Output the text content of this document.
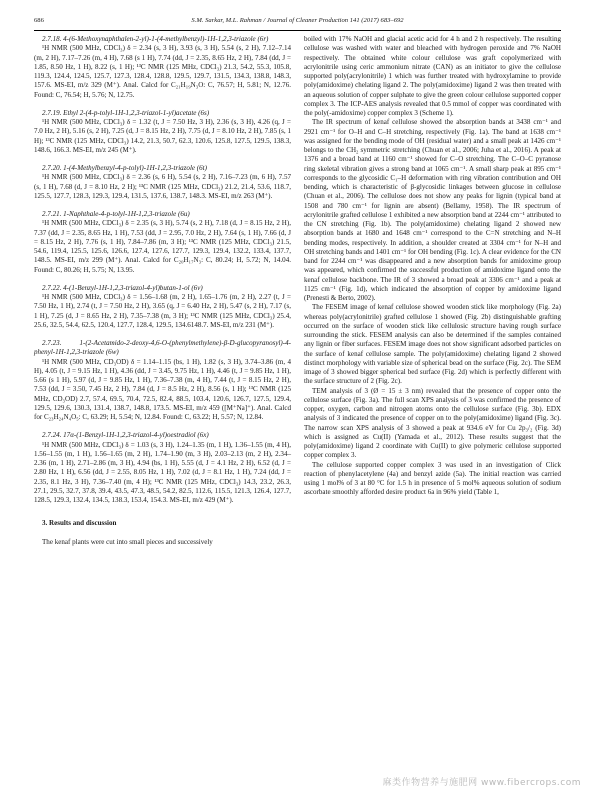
686	S.M. Sarkar, M.L. Rahman / Journal of Cleaner Production 141 (2017) 683–692

2.7.18. 4-(6-Methoxynaphthalen-2-yl)-1-(4-methylbenzyl)-1H-1,2,3-triazole (6r)

¹H NMR (500 MHz, CDCl₃) δ = 2.34 (s, 3 H), 3.93 (s, 3 H), 5.54 (s, 2 H), 7.12–7.14 (m, 2 H), 7.17–7.26 (m, 4 H), 7.68 (s 1 H), 7.74 (dd, J = 2.35, 8.65 Hz, 2 H), 7.84 (dd, J = 1.85, 8.50 Hz, 1 H), 8.22 (s, 1 H); ¹³C NMR (125 MHz, CDCl₃) 21.3, 54.2, 55.3, 105.8, 119.3, 124.4, 124.5, 125.7, 127.3, 128.4, 128.8, 129.5, 129.7, 131.5, 134.3, 138.8, 148.3, 157.6. MS-EI, m/z 329 (M⁺). Anal. Calcd for C₂₁H₁₉N₃O: C, 76.57; H, 5.81; N, 12.76. Found: C, 76.54; H, 5.76; N, 12.75.

2.7.19. Ethyl 2-(4-p-tolyl-1H-1,2,3-triazol-1-yl)acetate (6s)

¹H NMR (500 MHz, CDCl₃) δ = 1.32 (t, J = 7.50 Hz, 3 H), 2.36 (s, 3 H), 4.26 (q, J = 7.0 Hz, 2 H), 5.16 (s, 2 H), 7.25 (d, J = 8.15 Hz, 2 H), 7.75 (d, J = 8.10 Hz, 2 H), 7.85 (s, 1 H); ¹³C NMR (125 MHz, CDCl₃) 14.2, 21.3, 50.7, 62.3, 120.6, 125.8, 127.5, 129.5, 138.3, 148.6, 166.3. MS-EI, m/z 245 (M⁺).

2.7.20. 1-(4-Methylbenzyl-4-p-tolyl)-1H-1,2,3-triazole (6t)

¹H NMR (500 MHz, CDCl₃) δ = 2.36 (s, 6 H), 5.54 (s, 2 H), 7.16–7.23 (m, 6 H), 7.57 (s, 1 H), 7.68 (d, J = 8.10 Hz, 2 H); ¹³C NMR (125 MHz, CDCl₃) 21.2, 21.4, 53.6, 118.7, 125.5, 127.7, 128.3, 129.3, 129.4, 131.5, 137.6, 138.7, 148.3. MS-EI, m/z 263 (M⁺).

2.7.21. 1-Naphthale-4-p-tolyl-1H-1,2,3-triazole (6u)

¹H NMR (500 MHz, CDCl₃) δ = 2.35 (s, 3 H), 5.74 (s, 2 H), 7.18 (d, J = 8.15 Hz, 2 H), 7.37 (dd, J = 2.35, 8.65 Hz, 1 H), 7.53 (dd, J = 2.95, 7.0 Hz, 2 H), 7.64 (s, 1 H), 7.66 (d, J = 8.15 Hz, 2 H), 7.76 (s, 1 H), 7.84–7.86 (m, 3 H); ¹³C NMR (125 MHz, CDCl₃) 21.5, 54.6, 119.4, 125.5, 125.6, 126.6, 127.4, 127.6, 127.7, 129.3, 129.4, 132.2, 133.4, 137.7, 148.5. MS-EI, m/z 299 (M⁺). Anal. Calcd for C₂₀H₁₇N₃: C, 80.24; H, 5.72; N, 14.04. Found: C, 80.26; H, 5.75; N, 13.95.

2.7.22. 4-(1-Benzyl-1H-1,2,3-triazol-4-yl)butan-1-ol (6v)

¹H NMR (500 MHz, CDCl₃) δ = 1.56–1.68 (m, 2 H), 1.65–1.76 (m, 2 H), 2.27 (t, J = 7.50 Hz, 1 H), 2.74 (t, J = 7.50 Hz, 2 H), 3.65 (q, J = 6.40 Hz, 2 H), 5.47 (s, 2 H), 7.17 (s, 1 H), 7.25 (d, J = 8.65 Hz, 2 H), 7.35–7.38 (m, 3 H); ¹³C NMR (125 MHz, CDCl₃) 25.4, 25.6, 32.5, 54.4, 62.5, 120.4, 127.7, 128.4, 129.5, 134.6148.7. MS-EI, m/z 231 (M⁺).

2.7.23. 1-(2-Acetamido-2-deoxy-4,6-O-(phenylmethylene)-β-D-glucopyranosyl)-4-phenyl-1H-1,2,3-triazole (6w)

¹H NMR (500 MHz, CD₃OD) δ = 1.14–1.15 (bs, 1 H), 1.82 (s, 3 H), 3.74–3.86 (m, 4 H), 4.05 (t, J = 9.15 Hz, 1 H), 4.36 (dd, J = 3.45, 9.75 Hz, 1 H), 4.46 (t, J = 9.85 Hz, 1 H), 5.66 (s 1 H), 5.97 (d, J = 9.85 Hz, 1 H), 7.36–7.38 (m, 4 H), 7.44 (t, J = 8.15 Hz, 2 H), 7.53 (dd, J = 3.50, 7.45 Hz, 2 H), 7.84 (d, J = 8.5 Hz, 2 H), 8.56 (s, 1 H); ¹³C NMR (125 MHz, CD₃OD) 2.7, 57.4, 69.5, 70.4, 72.5, 82.4, 88.5, 103.4, 120.6, 126.7, 127.5, 129.4, 129.5, 129.6, 130.3, 131.4, 138.7, 148.8, 173.5. MS-EI, m/z 459 ([M⁺Na]⁺). Anal. Calcd for C₂₃H₂₄N₄O₅: C, 63.29; H, 5.54; N, 12.84. Found: C, 63.22; H, 5.57; N, 12.84.

2.7.24. 17α-(1-Benzyl-1H-1,2,3-triazol-4-yl)oestradiol (6x)

¹H NMR (500 MHz, CDCl₃) δ = 1.03 (s, 3 H), 1.24–1.35 (m, 1 H), 1.36–1.55 (m, 4 H), 1.56–1.55 (m, 1 H), 1.56–1.65 (m, 2 H), 1.74–1.90 (m, 3 H), 2.03–2.13 (m, 2 H), 2.34–2.36 (m, 1 H), 2.71–2.86 (m, 3 H), 4.94 (bs, 1 H), 5.55 (d, J = 4.1 Hz, 2 H), 6.52 (d, J = 2.80 Hz, 1 H), 6.56 (dd, J = 2.55, 8.05 Hz, 1 H), 7.02 (d, J = 8.1 Hz, 1 H), 7.24 (dd, J = 2.35, 8.1 Hz, 3 H), 7.36–7.40 (m, 4 H); ¹³C NMR (125 MHz, CDCl₃) 14.3, 23.2, 26.3, 27.1, 29.5, 32.7, 37.8, 39.4, 43.5, 47.3, 48.5, 54.2, 82.5, 112.6, 115.5, 121.3, 126.4, 127.7, 128.5, 129.3, 132.4, 134.5, 138.3, 153.4, 154.3. MS-EI, m/z 429 (M⁺).

3. Results and discussion

The kenaf plants were cut into small pieces and successively

boiled with 17% NaOH and glacial acetic acid for 4 h and 2 h respectively. The resulting cellulose was washed with water and bleached with hydrogen peroxide and 7% NaOH respectively. The obtained white colour cellulose was graft copolymerized with acrylonitrile using ceric ammonium nitrate (CAN) as an initiator to give the cellulose supported poly(acrylonitrile) 1 which was further treated with hydroxylamine to provide poly(amidoxime) chelating ligand 2. The poly(amidoxime) ligand 2 was then treated with an aqueous solution of copper sulphate to give the green colour cellulose supported copper complex 3. The ICP-AES analysis revealed that 0.5 mmol of copper was coordinated with the poly(-amidoxime) copper complex 3 (Scheme 1).

The IR spectrum of kenaf cellulose showed the absorption bands at 3438 cm⁻¹ and 2921 cm⁻¹ for O–H and C–H stretching, respectively (Fig. 1a). The band at 1638 cm⁻¹ was assigned for the bending mode of OH (residual water) and a small peak at 1426 cm⁻¹ belongs to the CH₂ symmetric stretching (Chuan et al., 2006; Juha et al., 2016). A peak at 1376 and a broad band at 1160 cm⁻¹ showed for C–O stretching. The C–O–C pyranose ring skeletal vibration gives a strong band at 1065 cm⁻¹. A small sharp peak at 895 cm⁻¹ corresponds to the glycosidic C₁–H deformation with ring vibration contribution and OH bending, which is characteristic of β-glycosidic linkages between glucose in cellulose (Chuan et al., 2006). The cellulose does not show any peaks for lignin (typical band at 1508 and 780 cm⁻¹ for lignin are absent) (Bellamy, 1958). The IR spectrum of acrylonitrile grafted cellulose 1 exhibited a new absorption band at 2244 cm⁻¹ attributed to the CN stretching (Fig. 1b). The poly(amidoxime) chelating ligand 2 showed new absorption bands at 1680 and 1648 cm⁻¹ correspond to the C=N stretching and N–H bending modes, respectively. In addition, a shoulder created at 3304 cm⁻¹ for N–H and OH stretching bands and 1401 cm⁻¹ for OH bending (Fig. 1c). A clear evidence for the CN band for 2244 cm⁻¹ was disappeared and a new absorption bands for amidoxime group was appeared, which confirmed the successful production of amidoxime ligand onto the kenaf cellulose backbone. The IR of 3 showed a broad peak at 3306 cm⁻¹ and a peak at 1125 cm⁻¹ (Fig. 1d), which indicated the absorption of copper by amidoxime ligand (Prenesti & Berto, 2002).

The FESEM image of kenaf cellulose showed wooden stick like morphology (Fig. 2a) whereas poly(acrylonitrile) grafted cellulose 1 showed (Fig. 2b) distinguishable grafting occurred on the surface of wooden stick like cellulosic structure having rough surface surrounding the stick. FESEM analysis can also be determined if the samples contained any lignin or fiber surfaces. FESEM image does not show significant adsorbed particles on the surface of kenaf cellulose sample. The poly(amidoxime) chelating ligand 2 showed distinct morphology with variable size of spherical bead on the surface (Fig. 2c). The SEM image of 3 showed bigger spherical bed surface (Fig. 2d) which is perfectly different with the surface structure of 2 (Fig. 2c).

TEM analysis of 3 (Ø = 15 ± 3 nm) revealed that the presence of copper onto the cellulose surface (Fig. 3a). The full scan XPS analysis of 3 was confirmed the presence of copper, oxygen, carbon and nitrogen atoms onto the cellulose surface (Fig. 3b). EDX analysis of 3 indicated the presence of copper on to the poly(amidoxime) ligand (Fig. 3c). The narrow scan XPS analysis of 3 showed a peak at 934.6 eV for Cu 2p₃/₂ (Fig. 3d) which is assigned as Cu(II) (Yamada et al., 2012). These results suggest that the poly(amidoxime) ligand 2 coordinate with Cu(II) to give polymeric cellulose supported copper complex 3.

The cellulose supported copper complex 3 was used in an investigation of Click reaction of phenylacetylene (4a) and benzyl azide (5a). The initial reaction was carried using 1 mol% of 3 at 80 °C for 1.5 h in presence of 5 mol% aqueous solution of sodium ascorbate smoothly afforded desire product 6a in 96% yield (Table 1,

麻类作物营养与施肥网 www.fibercrops.com
